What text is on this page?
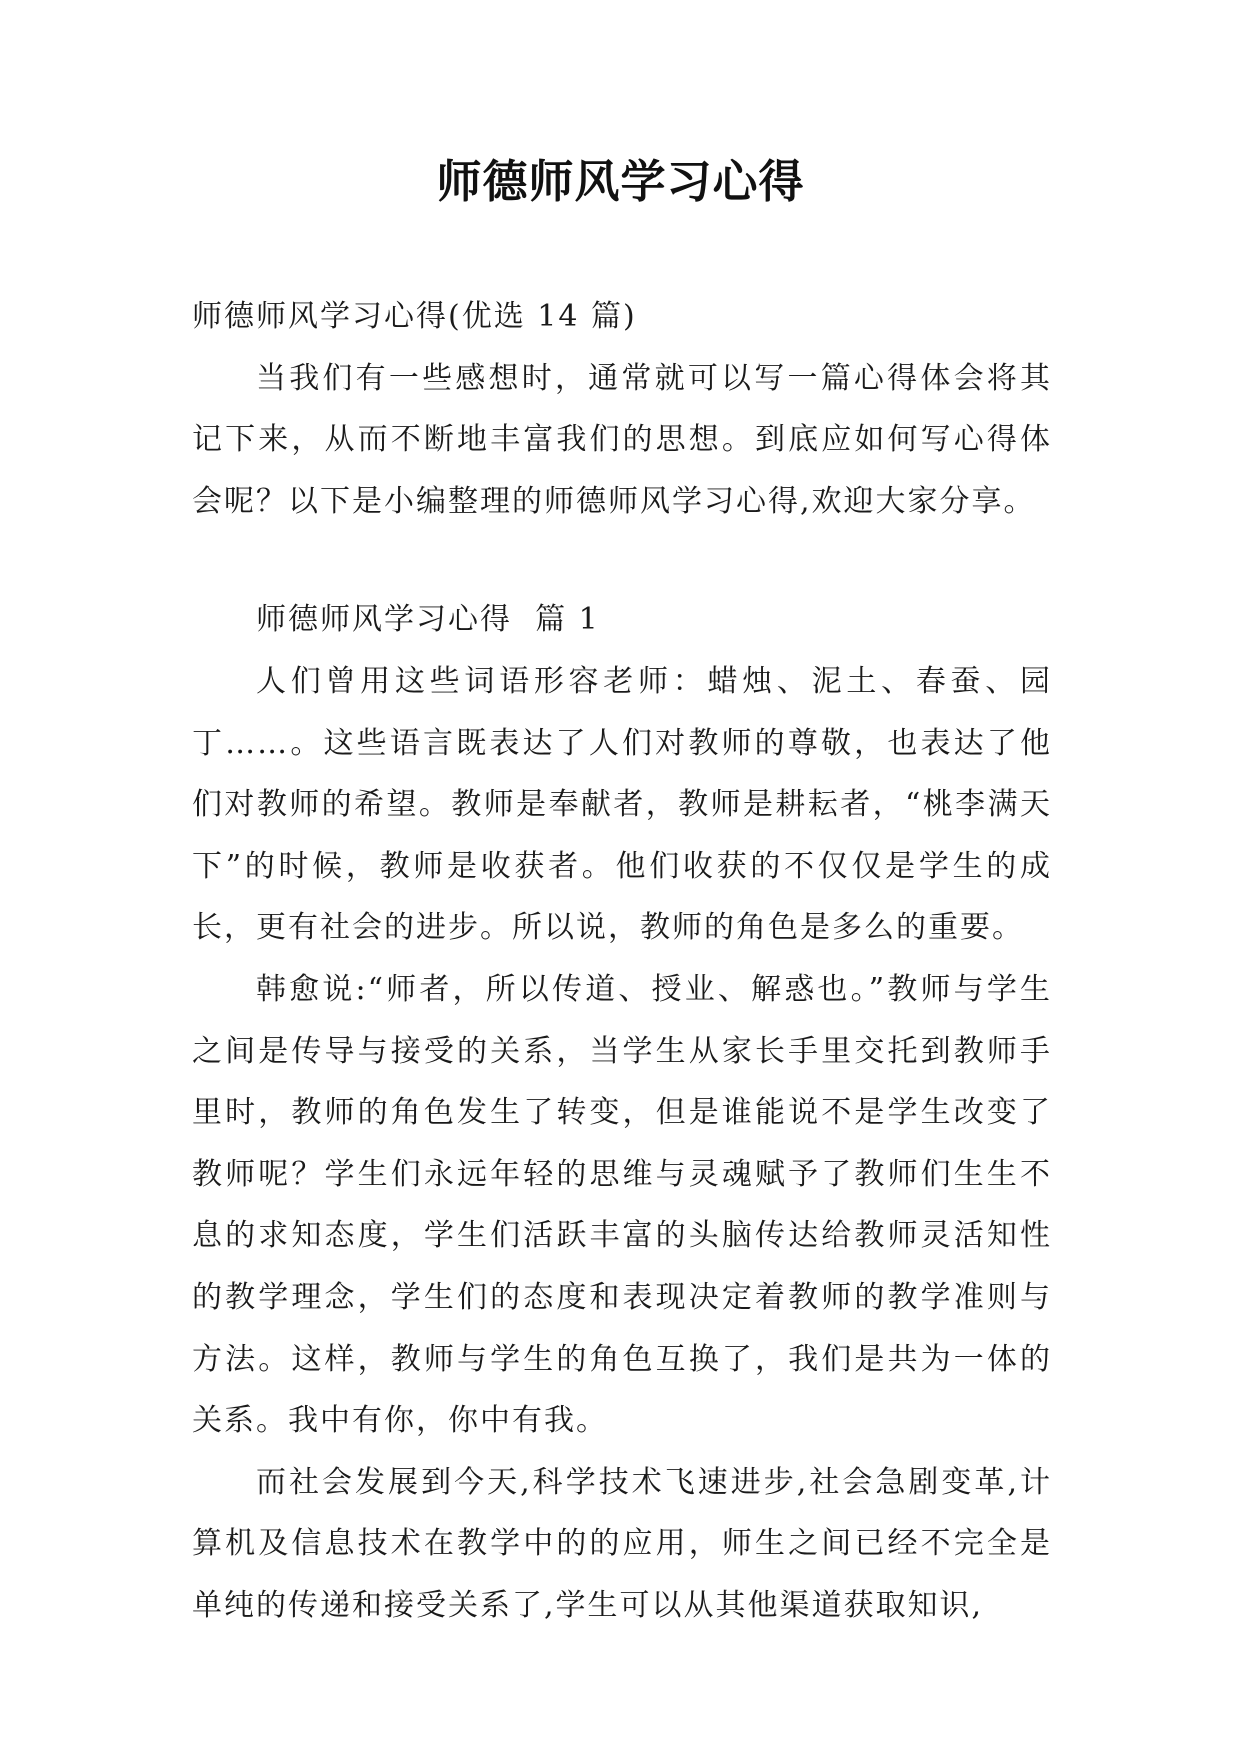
师德师风学习心得

师德师风学习心得(优选 14 篇)

当我们有一些感想时，通常就可以写一篇心得体会将其记下来，从而不断地丰富我们的思想。到底应如何写心得体会呢？以下是小编整理的师德师风学习心得,欢迎大家分享。

师德师风学习心得  篇 1

人们曾用这些词语形容老师：蜡烛、泥土、春蚕、园丁……。这些语言既表达了人们对教师的尊敬，也表达了他们对教师的希望。教师是奉献者，教师是耕耘者，“桃李满天下”的时候，教师是收获者。他们收获的不仅仅是学生的成长，更有社会的进步。所以说，教师的角色是多么的重要。

韩愈说:“师者，所以传道、授业、解惑也。”教师与学生之间是传导与接受的关系，当学生从家长手里交托到教师手里时，教师的角色发生了转变，但是谁能说不是学生改变了教师呢？学生们永远年轻的思维与灵魂赋予了教师们生生不息的求知态度，学生们活跃丰富的头脑传达给教师灵活知性的教学理念，学生们的态度和表现决定着教师的教学准则与方法。这样，教师与学生的角色互换了，我们是共为一体的关系。我中有你，你中有我。

而社会发展到今天,科学技术飞速进步,社会急剧变革,计算机及信息技术在教学中的的应用，师生之间已经不完全是单纯的传递和接受关系了,学生可以从其他渠道获取知识,
